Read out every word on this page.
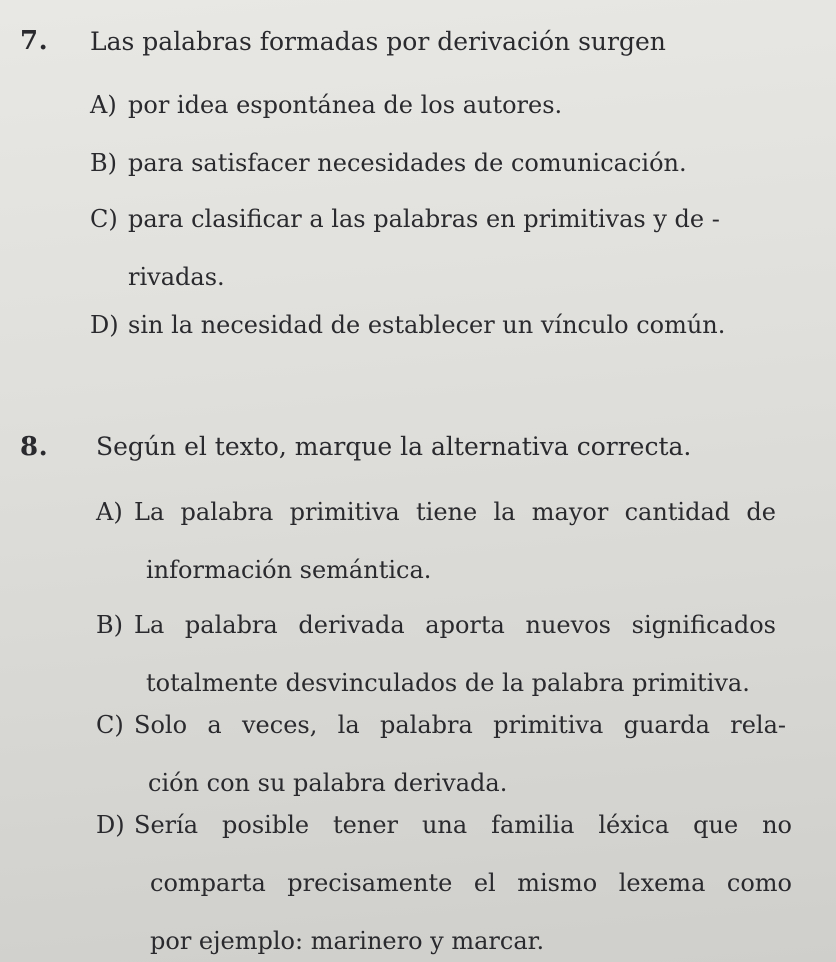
7. Las palabras formadas por derivación surgen
A) por idea espontánea de los autores.
B) para satisfacer necesidades de comunicación.
C) para clasificar a las palabras en primitivas y de -
rivadas.
D) sin la necesidad de establecer un vínculo común.
8. Según el texto, marque la alternativa correcta.
A) La palabra primitiva tiene la mayor cantidad de
información semántica.
B) La palabra derivada aporta nuevos significados
totalmente desvinculados de la palabra primitiva.
C) Solo a veces, la palabra primitiva guarda rela-
ción con su palabra derivada.
D) Sería posible tener una familia léxica que no
comparta precisamente el mismo lexema como
por ejemplo: marinero y marcar.
